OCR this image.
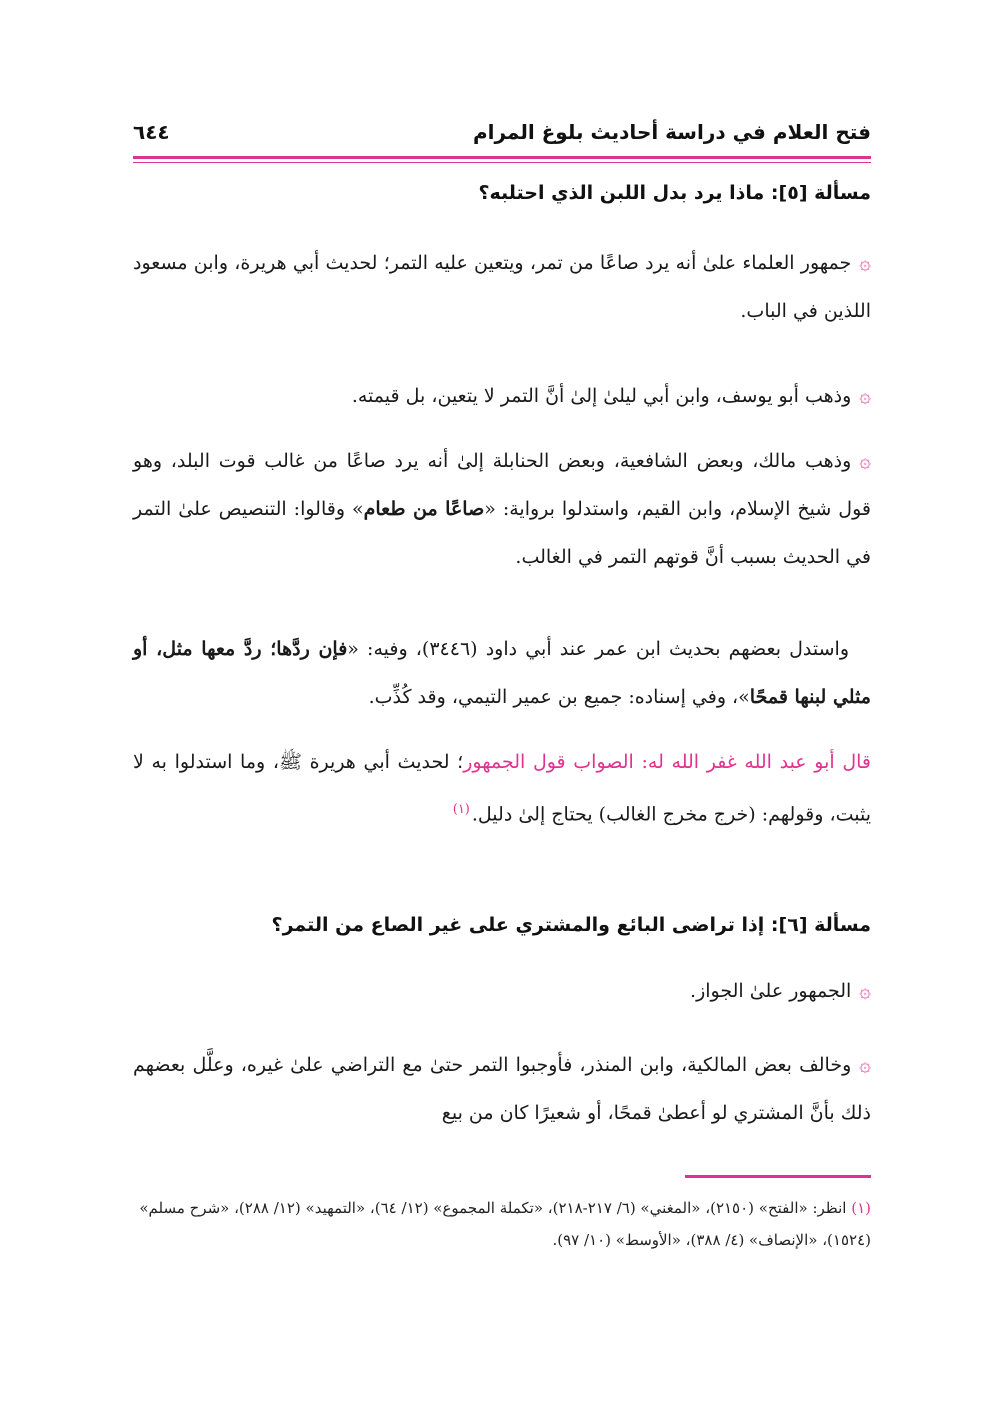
فتح العلام في دراسة أحاديث بلوغ المرام
٦٤٤
مسألة [٥]: ماذا يرد بدل اللبن الذي احتلبه؟
۞جمهور العلماء علىٰ أنه يرد صاعًا من تمر، ويتعين عليه التمر؛ لحديث أبي هريرة، وابن مسعود اللذين في الباب.
۞وذهب أبو يوسف، وابن أبي ليلىٰ إلىٰ أنَّ التمر لا يتعين، بل قيمته.
۞وذهب مالك، وبعض الشافعية، وبعض الحنابلة إلىٰ أنه يرد صاعًا من غالب قوت البلد، وهو قول شيخ الإسلام، وابن القيم، واستدلوا برواية: «صاعًا من طعام» وقالوا: التنصيص علىٰ التمر في الحديث بسبب أنَّ قوتهم التمر في الغالب.
واستدل بعضهم بحديث ابن عمر عند أبي داود (٣٤٤٦)، وفيه: «فإن ردَّها؛ ردَّ معها مثل، أو مثلي لبنها قمحًا»، وفي إسناده: جميع بن عمير التيمي، وقد كُذِّب.
قال أبو عبد الله غفر الله له: الصواب قول الجمهور؛ لحديث أبي هريرة ﷺ، وما استدلوا به لا يثبت، وقولهم: (خرج مخرج الغالب) يحتاج إلىٰ دليل.$^{(١)}$
مسألة [٦]: إذا تراضى البائع والمشتري على غير الصاع من التمر؟
۞الجمهور علىٰ الجواز.
۞وخالف بعض المالكية، وابن المنذر، فأوجبوا التمر حتىٰ مع التراضي علىٰ غيره، وعلَّل بعضهم ذلك بأنَّ المشتري لو أعطىٰ قمحًا، أو شعيرًا كان من بيع
(١) انظر: «الفتح» (٢١٥٠)، «المغني» (٦/ ٢١٧-٢١٨)، «تكملة المجموع» (١٢/ ٦٤)، «التمهيد» (١٢/ ٢٨٨)، «شرح مسلم» (١٥٢٤)، «الإنصاف» (٤/ ٣٨٨)، «الأوسط» (١٠/ ٩٧).
